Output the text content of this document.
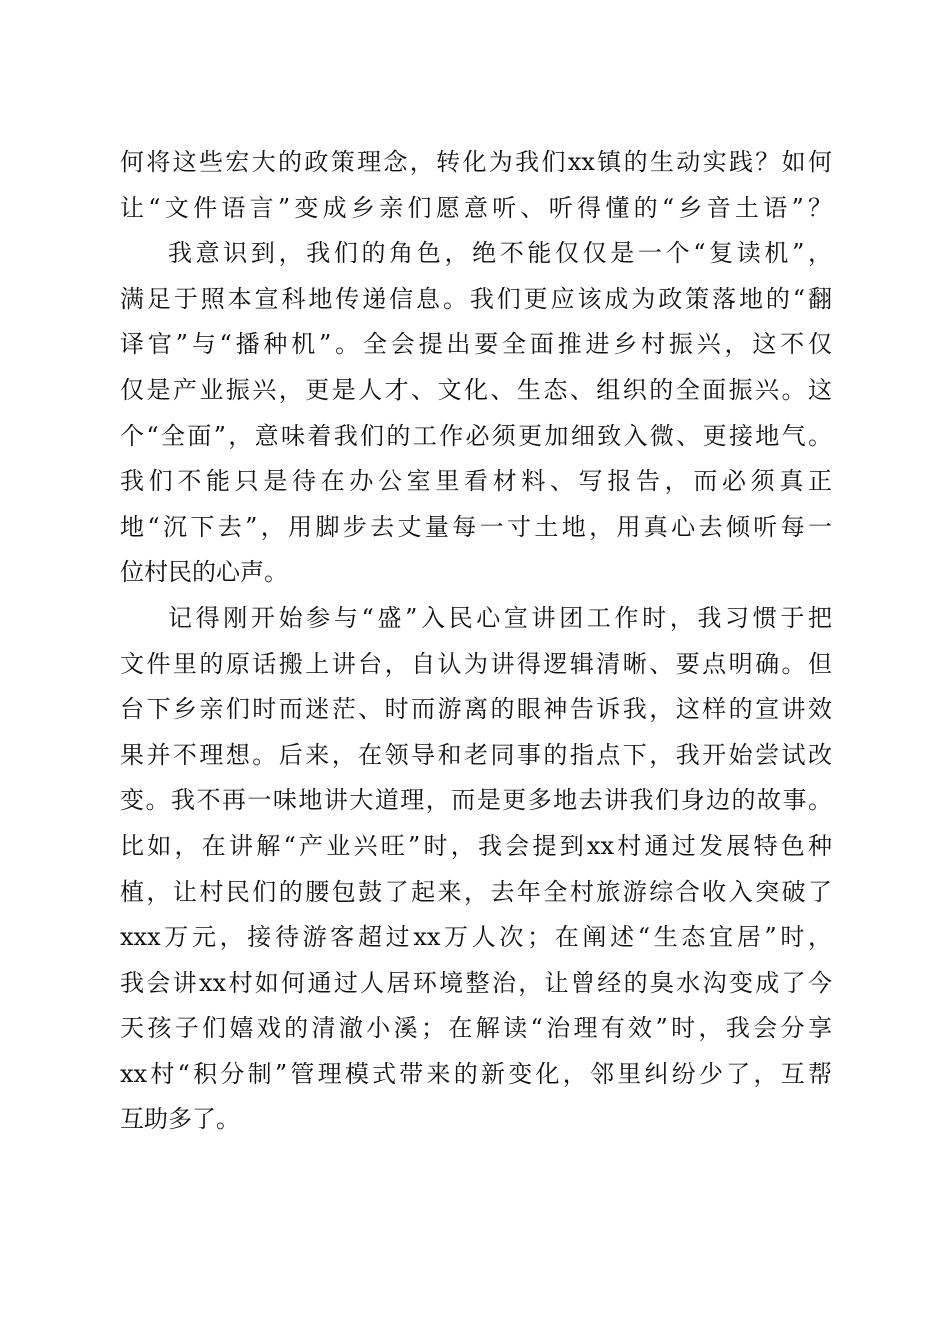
何将这些宏大的政策理念，转化为我们xx镇的生动实践？如何
让“文件语言”变成乡亲们愿意听、听得懂的“乡音土语”？
我意识到，我们的角色，绝不能仅仅是一个“复读机”，
满足于照本宣科地传递信息。我们更应该成为政策落地的“翻
译官”与“播种机”。全会提出要全面推进乡村振兴，这不仅
仅是产业振兴，更是人才、文化、生态、组织的全面振兴。这
个“全面”，意味着我们的工作必须更加细致入微、更接地气。
我们不能只是待在办公室里看材料、写报告，而必须真正
地“沉下去”，用脚步去丈量每一寸土地，用真心去倾听每一
位村民的心声。
记得刚开始参与“盛”入民心宣讲团工作时，我习惯于把
文件里的原话搬上讲台，自认为讲得逻辑清晰、要点明确。但
台下乡亲们时而迷茫、时而游离的眼神告诉我，这样的宣讲效
果并不理想。后来，在领导和老同事的指点下，我开始尝试改
变。我不再一味地讲大道理，而是更多地去讲我们身边的故事。
比如，在讲解“产业兴旺”时，我会提到xx村通过发展特色种
植，让村民们的腰包鼓了起来，去年全村旅游综合收入突破了
xxx万元，接待游客超过xx万人次；在阐述“生态宜居”时，
我会讲xx村如何通过人居环境整治，让曾经的臭水沟变成了今
天孩子们嬉戏的清澈小溪；在解读“治理有效”时，我会分享
xx村“积分制”管理模式带来的新变化，邻里纠纷少了，互帮
互助多了。
